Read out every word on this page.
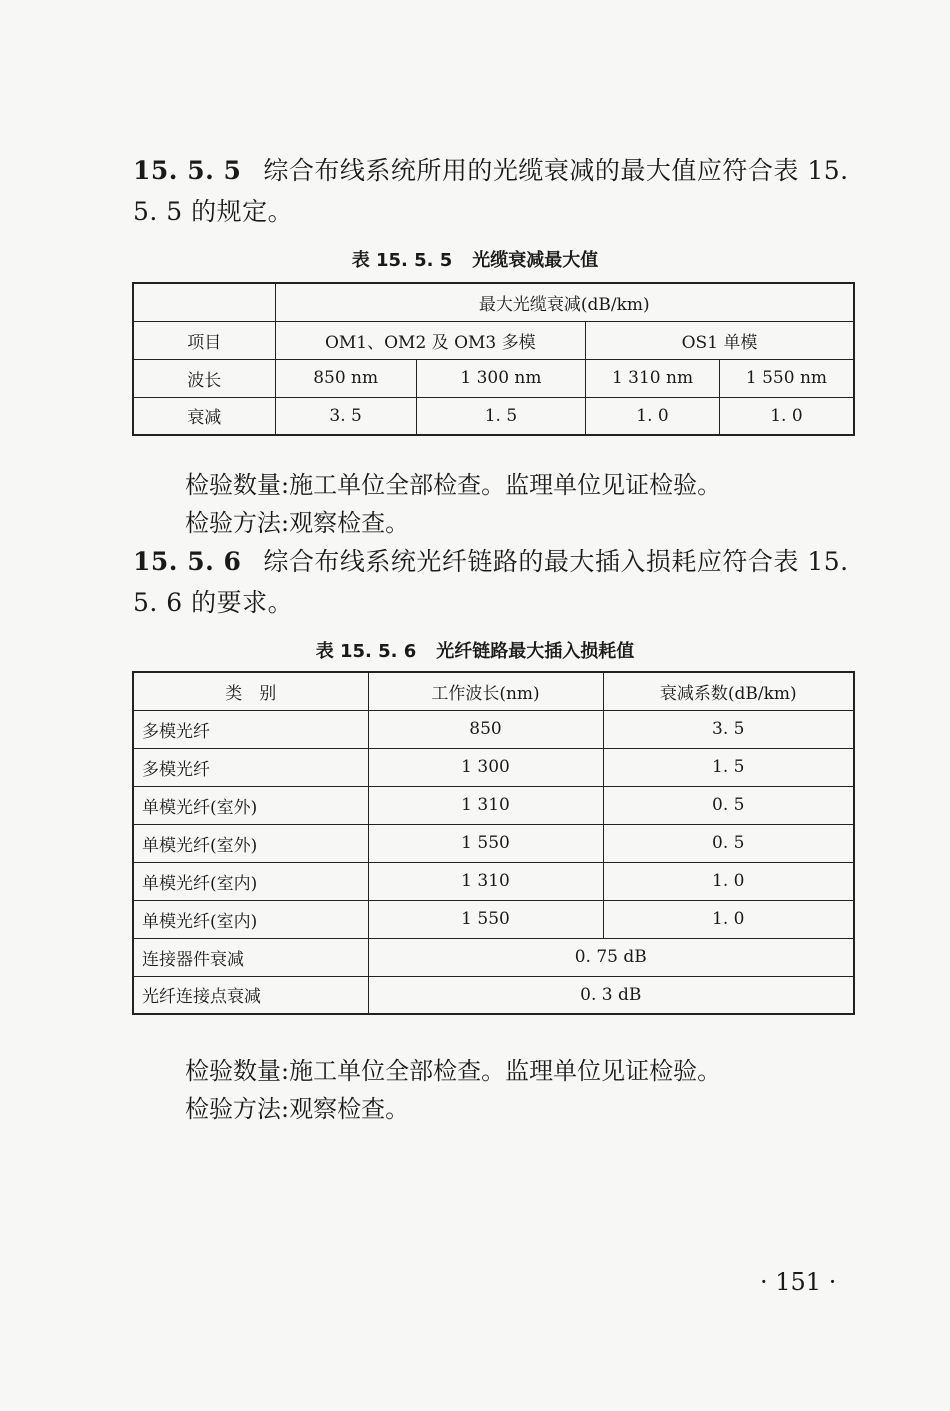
15. 5. 5 综合布线系统所用的光缆衰减的最大值应符合表 15. 5. 5 的规定。
表 15. 5. 5 光缆衰减最大值
	最大光缆衰减(dB/km)			
项目	OM1、OM2 及 OM3 多模		OS1 单模	
波长	850 nm	1 300 nm	1 310 nm	1 550 nm
衰减	3. 5	1. 5	1. 0	1. 0
检验数量:施工单位全部检查。监理单位见证检验。
检验方法:观察检查。
15. 5. 6 综合布线系统光纤链路的最大插入损耗应符合表 15. 5. 6 的要求。
表 15. 5. 6 光纤链路最大插入损耗值
类　别	工作波长(nm)	衰减系数(dB/km)
多模光纤	850	3. 5
多模光纤	1 300	1. 5
单模光纤(室外)	1 310	0. 5
单模光纤(室外)	1 550	0. 5
单模光纤(室内)	1 310	1. 0
单模光纤(室内)	1 550	1. 0
连接器件衰减	0. 75 dB	
光纤连接点衰减	0. 3 dB	
检验数量:施工单位全部检查。监理单位见证检验。
检验方法:观察检查。
· 151 ·
